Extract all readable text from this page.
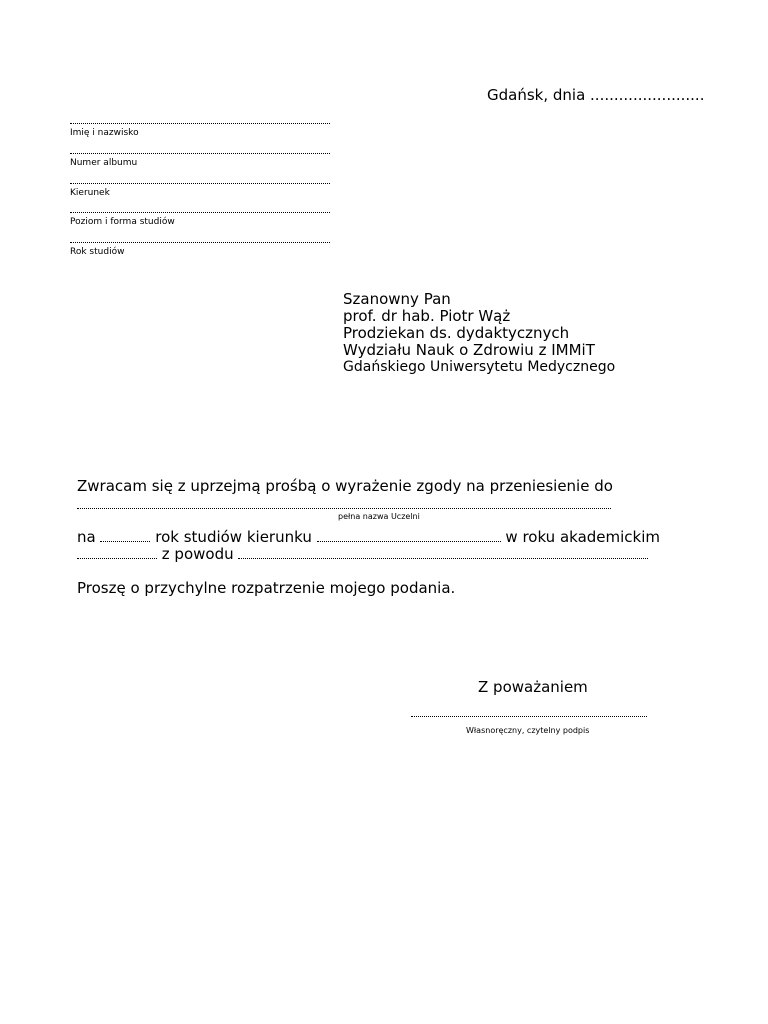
Gdańsk, dnia ........................
Imię i nazwisko
Numer albumu
Kierunek
Poziom i forma studiów
Rok studiów
Szanowny Pan
prof. dr hab. Piotr Wąż
Prodziekan ds. dydaktycznych
Wydziału Nauk o Zdrowiu z IMMiT
Gdańskiego Uniwersytetu Medycznego
Zwracam się z uprzejmą prośbą o wyrażenie zgody na przeniesienie do
pełna nazwa Uczelni
na	rok studiów kierunku	w roku akademickim
z powodu
Proszę o przychylne rozpatrzenie mojego podania.
Z poważaniem
Własnoręczny, czytelny podpis
